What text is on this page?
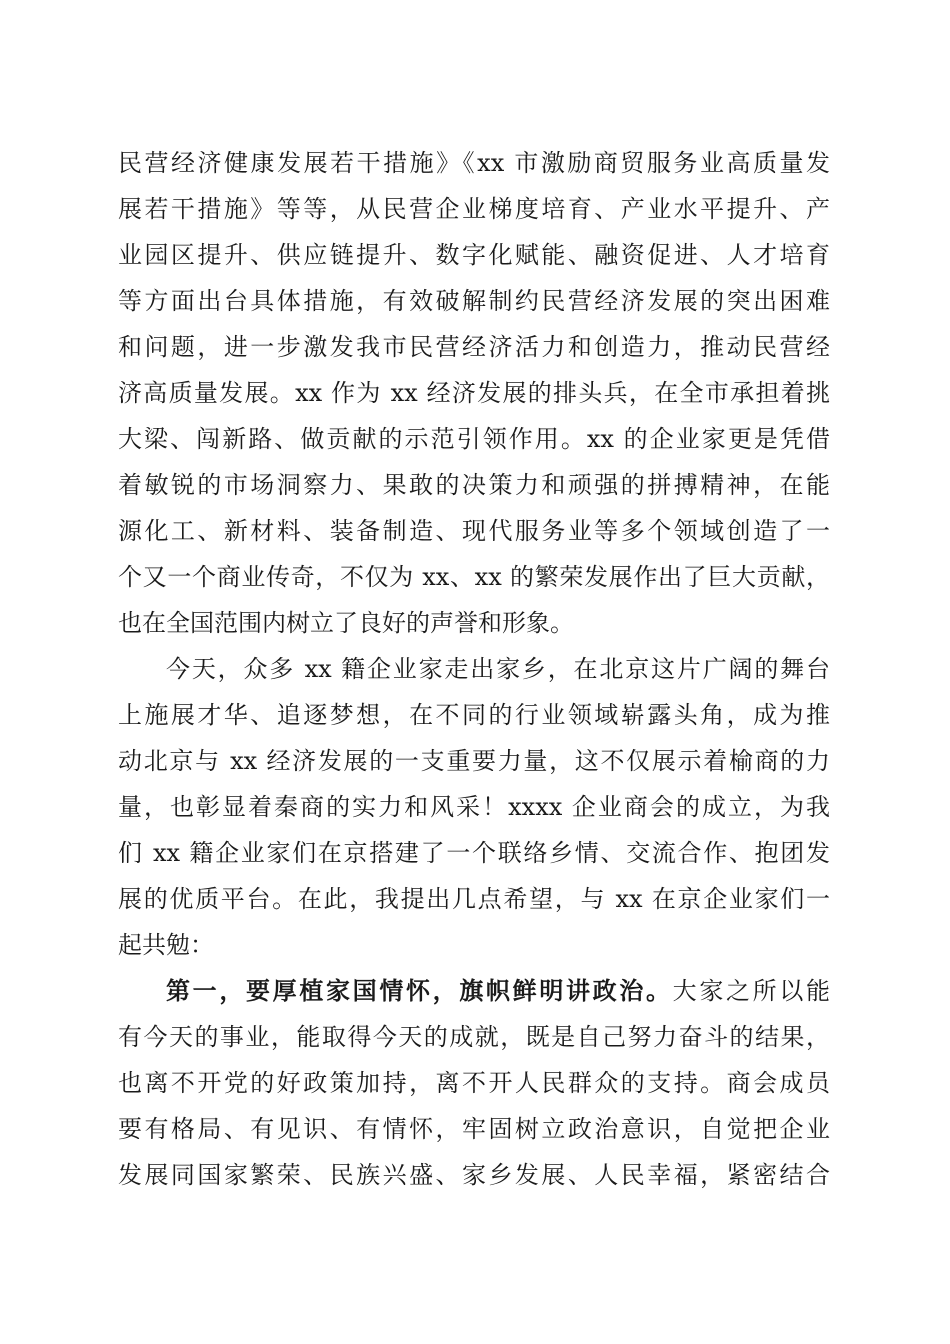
民营经济健康发展若干措施》《xx 市激励商贸服务业高质量发
展若干措施》等等，从民营企业梯度培育、产业水平提升、产
业园区提升、供应链提升、数字化赋能、融资促进、人才培育
等方面出台具体措施，有效破解制约民营经济发展的突出困难
和问题，进一步激发我市民营经济活力和创造力，推动民营经
济高质量发展。xx 作为 xx 经济发展的排头兵，在全市承担着挑
大梁、闯新路、做贡献的示范引领作用。xx 的企业家更是凭借
着敏锐的市场洞察力、果敢的决策力和顽强的拼搏精神，在能
源化工、新材料、装备制造、现代服务业等多个领域创造了一
个又一个商业传奇，不仅为 xx、xx 的繁荣发展作出了巨大贡献，
也在全国范围内树立了良好的声誉和形象。
今天，众多 xx 籍企业家走出家乡，在北京这片广阔的舞台
上施展才华、追逐梦想，在不同的行业领域崭露头角，成为推
动北京与 xx 经济发展的一支重要力量，这不仅展示着榆商的力
量，也彰显着秦商的实力和风采！xxxx 企业商会的成立，为我
们 xx 籍企业家们在京搭建了一个联络乡情、交流合作、抱团发
展的优质平台。在此，我提出几点希望，与 xx 在京企业家们一
起共勉：
第一，要厚植家国情怀，旗帜鲜明讲政治。大家之所以能
有今天的事业，能取得今天的成就，既是自己努力奋斗的结果，
也离不开党的好政策加持，离不开人民群众的支持。商会成员
要有格局、有见识、有情怀，牢固树立政治意识，自觉把企业
发展同国家繁荣、民族兴盛、家乡发展、人民幸福，紧密结合
